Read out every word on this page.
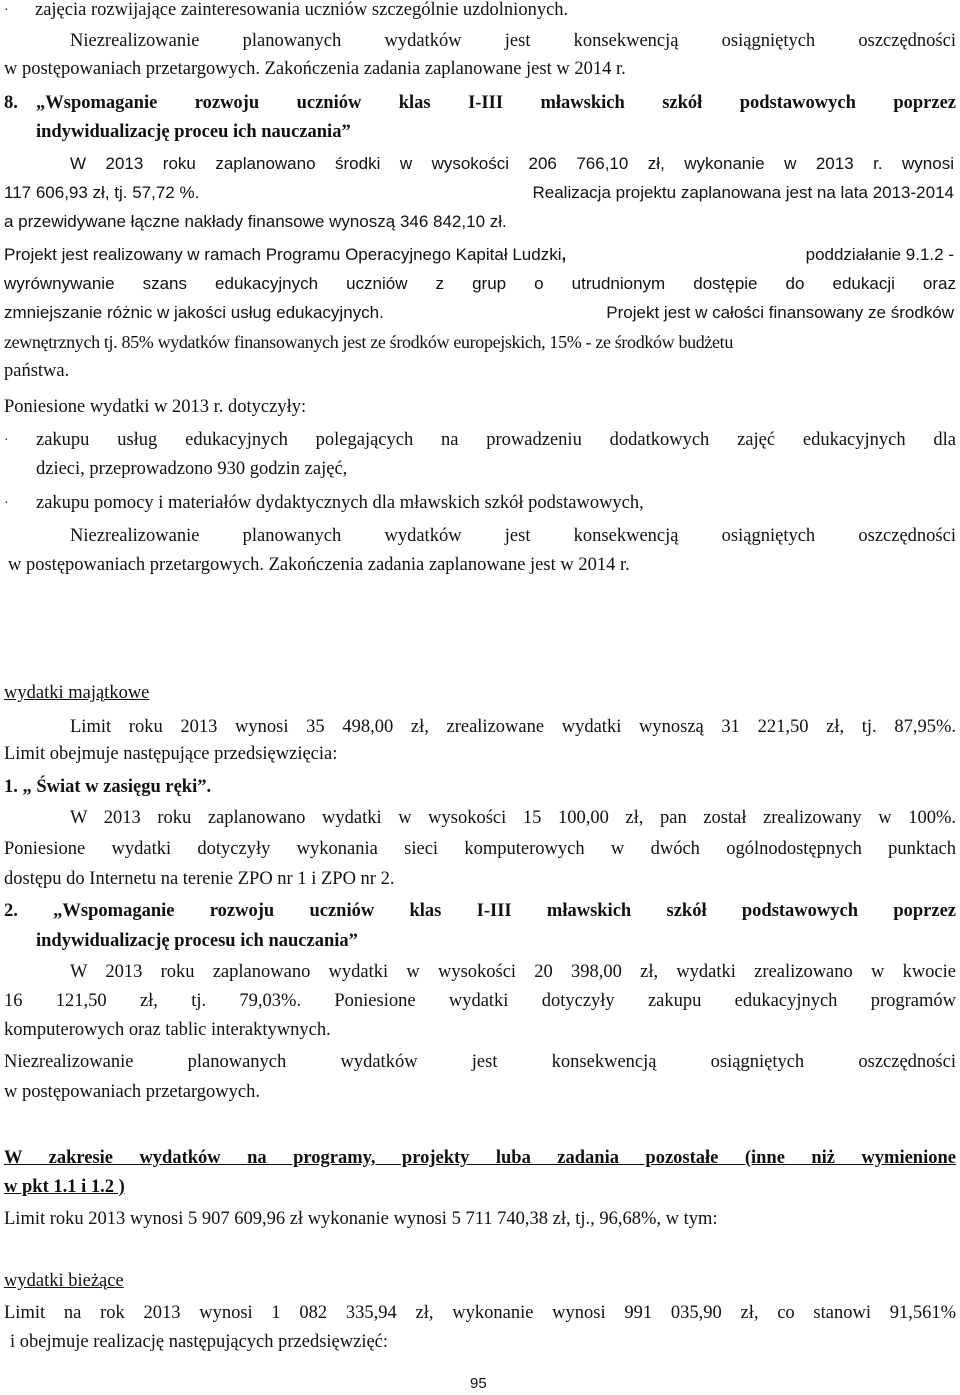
· zajęcia rozwijające zainteresowania uczniów szczególnie uzdolnionych.
Niezrealizowanie planowanych wydatków jest konsekwencją osiągniętych oszczędności
w postępowaniach przetargowych. Zakończenia zadania zaplanowane jest w 2014 r.
8. „Wspomaganie rozwoju uczniów klas I-III mławskich szkół podstawowych poprzez
indywidualizację proceu ich nauczania”
W 2013 roku zaplanowano środki w wysokości 206 766,10 zł, wykonanie w 2013 r. wynosi
117 606,93 zł, tj. 57,72 %.	Realizacja projektu zaplanowana jest na lata 2013-2014
a przewidywane łączne nakłady finansowe wynoszą 346 842,10 zł.
Projekt jest realizowany w ramach Programu Operacyjnego Kapitał Ludzki,	poddziałanie 9.1.2 -
wyrównywanie szans edukacyjnych uczniów z grup o utrudnionym dostępie do edukacji oraz
zmniejszanie różnic w jakości usług edukacyjnych.	Projekt jest w całości finansowany ze środków
zewnętrznych tj. 85% wydatków finansowanych jest ze środków europejskich, 15% - ze środków budżetu
państwa.
Poniesione wydatki w 2013 r. dotyczyły:
· zakupu usług edukacyjnych polegających na prowadzeniu dodatkowych zajęć edukacyjnych dla
dzieci, przeprowadzono 930 godzin zajęć,
· zakupu pomocy i materiałów dydaktycznych dla mławskich szkół podstawowych,
Niezrealizowanie planowanych wydatków jest konsekwencją osiągniętych oszczędności
w postępowaniach przetargowych. Zakończenia zadania zaplanowane jest w 2014 r.
wydatki majątkowe
Limit roku 2013 wynosi 35 498,00 zł, zrealizowane wydatki wynoszą 31 221,50 zł, tj. 87,95%.
Limit obejmuje następujące przedsięwzięcia:
1. „ Świat w zasięgu ręki”.
W 2013 roku zaplanowano wydatki w wysokości 15 100,00 zł, pan został zrealizowany w 100%.
Poniesione wydatki dotyczyły wykonania sieci komputerowych w dwóch ogólnodostępnych punktach
dostępu do Internetu na terenie ZPO nr 1 i ZPO nr 2.
2. „Wspomaganie rozwoju uczniów klas I-III mławskich szkół podstawowych poprzez
indywidualizację procesu ich nauczania”
W 2013 roku zaplanowano wydatki w wysokości 20 398,00 zł, wydatki zrealizowano w kwocie
16 121,50 zł, tj. 79,03%. Poniesione wydatki dotyczyły zakupu edukacyjnych programów
komputerowych oraz tablic interaktywnych.
Niezrealizowanie planowanych wydatków jest konsekwencją osiągniętych oszczędności
w postępowaniach przetargowych.
W zakresie wydatków na programy, projekty luba zadania pozostałe (inne niż wymienione
w pkt 1.1 i 1.2 )
Limit roku 2013 wynosi 5 907 609,96 zł wykonanie wynosi 5 711 740,38 zł, tj., 96,68%, w tym:
wydatki bieżące
Limit na rok 2013 wynosi 1 082 335,94 zł, wykonanie wynosi 991 035,90 zł, co stanowi 91,561%
i obejmuje realizację następujących przedsięwzięć:
95
